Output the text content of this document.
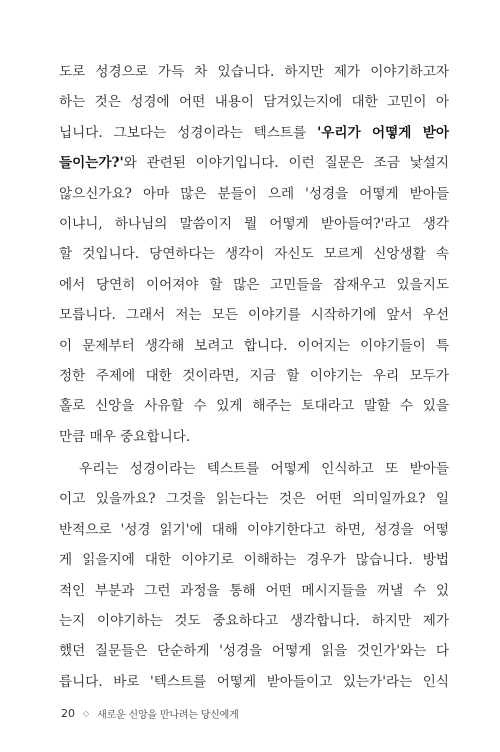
도로 성경으로 가득 차 있습니다. 하지만 제가 이야기하고자
하는 것은 성경에 어떤 내용이 담겨있는지에 대한 고민이 아
닙니다. 그보다는 성경이라는 텍스트를 '우리가 어떻게 받아
들이는가?'와 관련된 이야기입니다. 이런 질문은 조금 낯설지
않으신가요? 아마 많은 분들이 으레 '성경을 어떻게 받아들
이냐니, 하나님의 말씀이지 뭘 어떻게 받아들여?'라고 생각
할 것입니다. 당연하다는 생각이 자신도 모르게 신앙생활 속
에서 당연히 이어져야 할 많은 고민들을 잠재우고 있을지도
모릅니다. 그래서 저는 모든 이야기를 시작하기에 앞서 우선
이 문제부터 생각해 보려고 합니다. 이어지는 이야기들이 특
정한 주제에 대한 것이라면, 지금 할 이야기는 우리 모두가
홀로 신앙을 사유할 수 있게 해주는 토대라고 말할 수 있을
만큼 매우 중요합니다.
우리는 성경이라는 텍스트를 어떻게 인식하고 또 받아들
이고 있을까요? 그것을 읽는다는 것은 어떤 의미일까요? 일
반적으로 '성경 읽기'에 대해 이야기한다고 하면, 성경을 어떻
게 읽을지에 대한 이야기로 이해하는 경우가 많습니다. 방법
적인 부분과 그런 과정을 통해 어떤 메시지들을 꺼낼 수 있
는지 이야기하는 것도 중요하다고 생각합니다. 하지만 제가
했던 질문들은 단순하게 '성경을 어떻게 읽을 것인가'와는 다
릅니다. 바로 '텍스트를 어떻게 받아들이고 있는가'라는 인식
20 ◇ 새로운 신앙을 만나려는 당신에게
